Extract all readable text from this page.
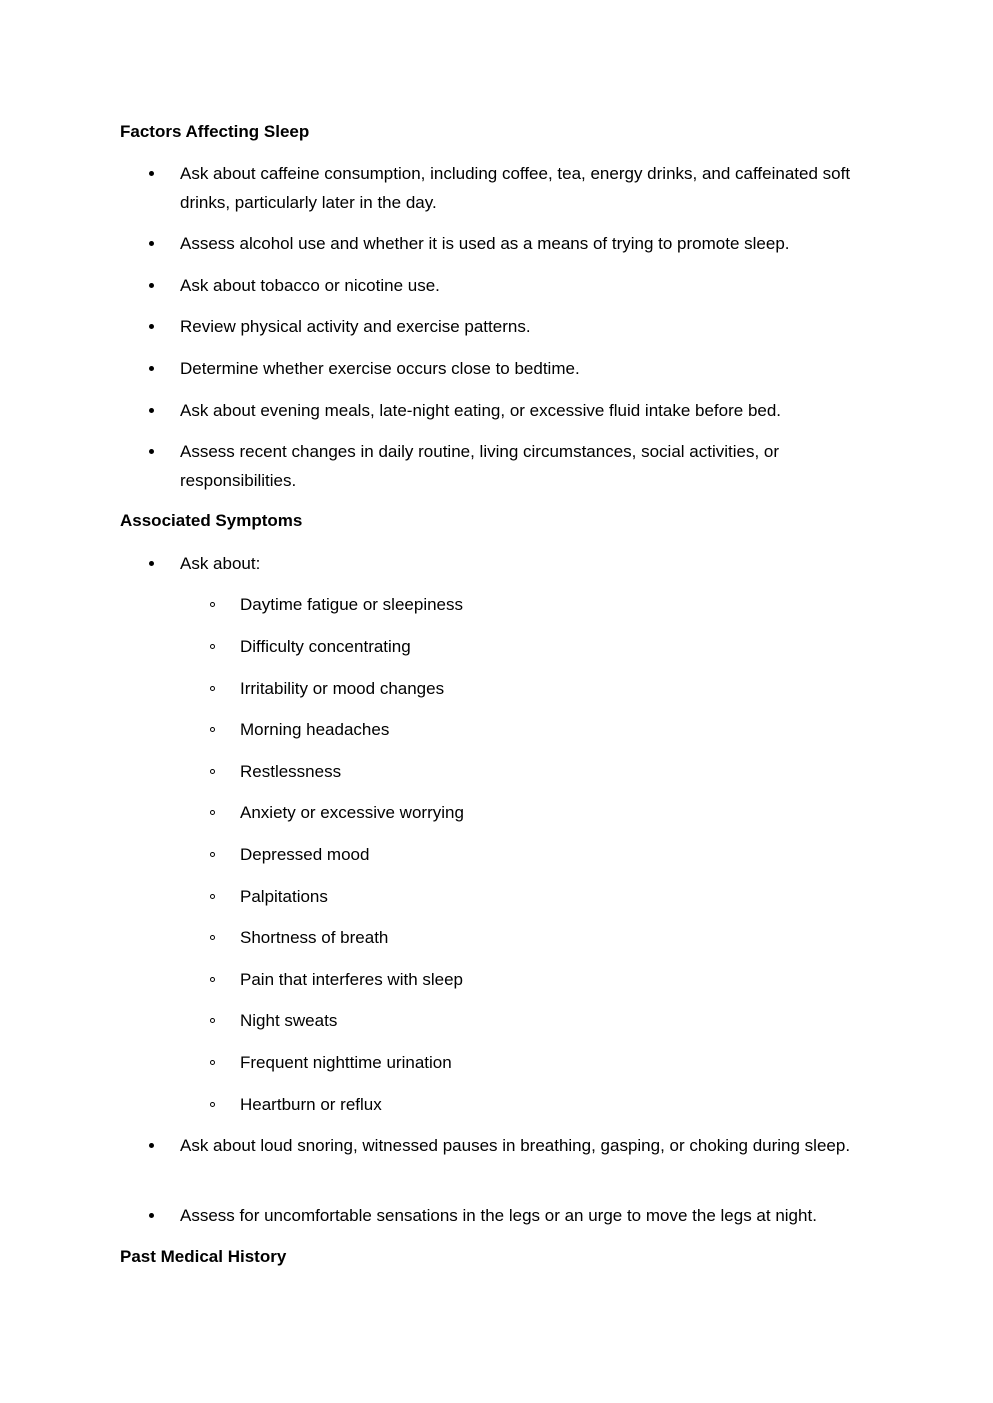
Factors Affecting Sleep

Ask about caffeine consumption, including coffee, tea, energy drinks, and caffeinated soft drinks, particularly later in the day.

Assess alcohol use and whether it is used as a means of trying to promote sleep.

Ask about tobacco or nicotine use.

Review physical activity and exercise patterns.

Determine whether exercise occurs close to bedtime.

Ask about evening meals, late-night eating, or excessive fluid intake before bed.

Assess recent changes in daily routine, living circumstances, social activities, or responsibilities.

Associated Symptoms

Ask about:

Daytime fatigue or sleepiness

Difficulty concentrating

Irritability or mood changes

Morning headaches

Restlessness

Anxiety or excessive worrying

Depressed mood

Palpitations

Shortness of breath

Pain that interferes with sleep

Night sweats

Frequent nighttime urination

Heartburn or reflux

Ask about loud snoring, witnessed pauses in breathing, gasping, or choking during sleep.

Assess for uncomfortable sensations in the legs or an urge to move the legs at night.

Past Medical History
